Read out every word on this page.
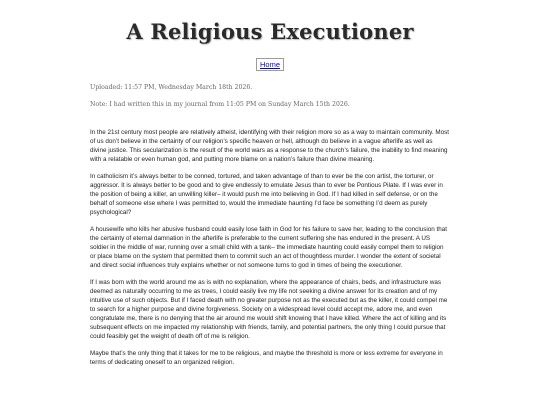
A Religious Executioner
Home
Uploaded: 11:57 PM, Wednesday March 18th 2026.
Note: I had written this in my journal from 11:05 PM on Sunday March 15th 2026.

In the 21st century most people are relatively atheist, identifying with their religion more so as a way to maintain community. Most of us don’t believe in the certainty of our religion’s specific heaven or hell, although do believe in a vague afterlife as well as divine justice. This secularization is the result of the world wars as a response to the church’s failure, the inability to find meaning with a relatable or even human god, and putting more blame on a nation’s failure than divine meaning.

In catholicism it’s always better to be conned, tortured, and taken advantage of than to ever be the con artist, the torturer, or aggressor. It is always better to be good and to give endlessly to emulate Jesus than to ever be Pontious Pilate. If I was ever in the position of being a killer, an unwilling killer– it would push me into believing in God. If I had killed in self defense, or on the behalf of someone else where I was permitted to, would the immediate haunting I’d face be something I’d deem as purely psychological?

A housewife who kills her abusive husband could easily lose faith in God for his failure to save her, leading to the conclusion that the certainty of eternal damnation in the afterlife is preferable to the current suffering she has endured in the present. A US soldier in the middle of war, running over a small child with a tank– the immediate haunting could easily compel them to religion or place blame on the system that permitted them to commit such an act of thoughtless murder. I wonder the extent of societal and direct social influences truly explains whether or not someone turns to god in times of being the executioner.

If I was born with the world around me as is with no explanation, where the appearance of chairs, beds, and infrastructure was deemed as naturally occurring to me as trees, I could easily live my life not seeking a divine answer for its creation and of my intuitive use of such objects. But if I faced death with no greater purpose not as the executed but as the killer, it could compel me to search for a higher purpose and divine forgiveness. Society on a widespread level could accept me, adore me, and even congratulate me, there is no denying that the air around me would shift knowing that I have killed. Where the act of killing and its subsequent effects on me impacted my relationship with friends, family, and potential partners, the only thing I could pursue that could feasibly get the weight of death off of me is religion.

Maybe that’s the only thing that it takes for me to be religious, and maybe the threshold is more or less extreme for everyone in terms of dedicating oneself to an organized religion.
